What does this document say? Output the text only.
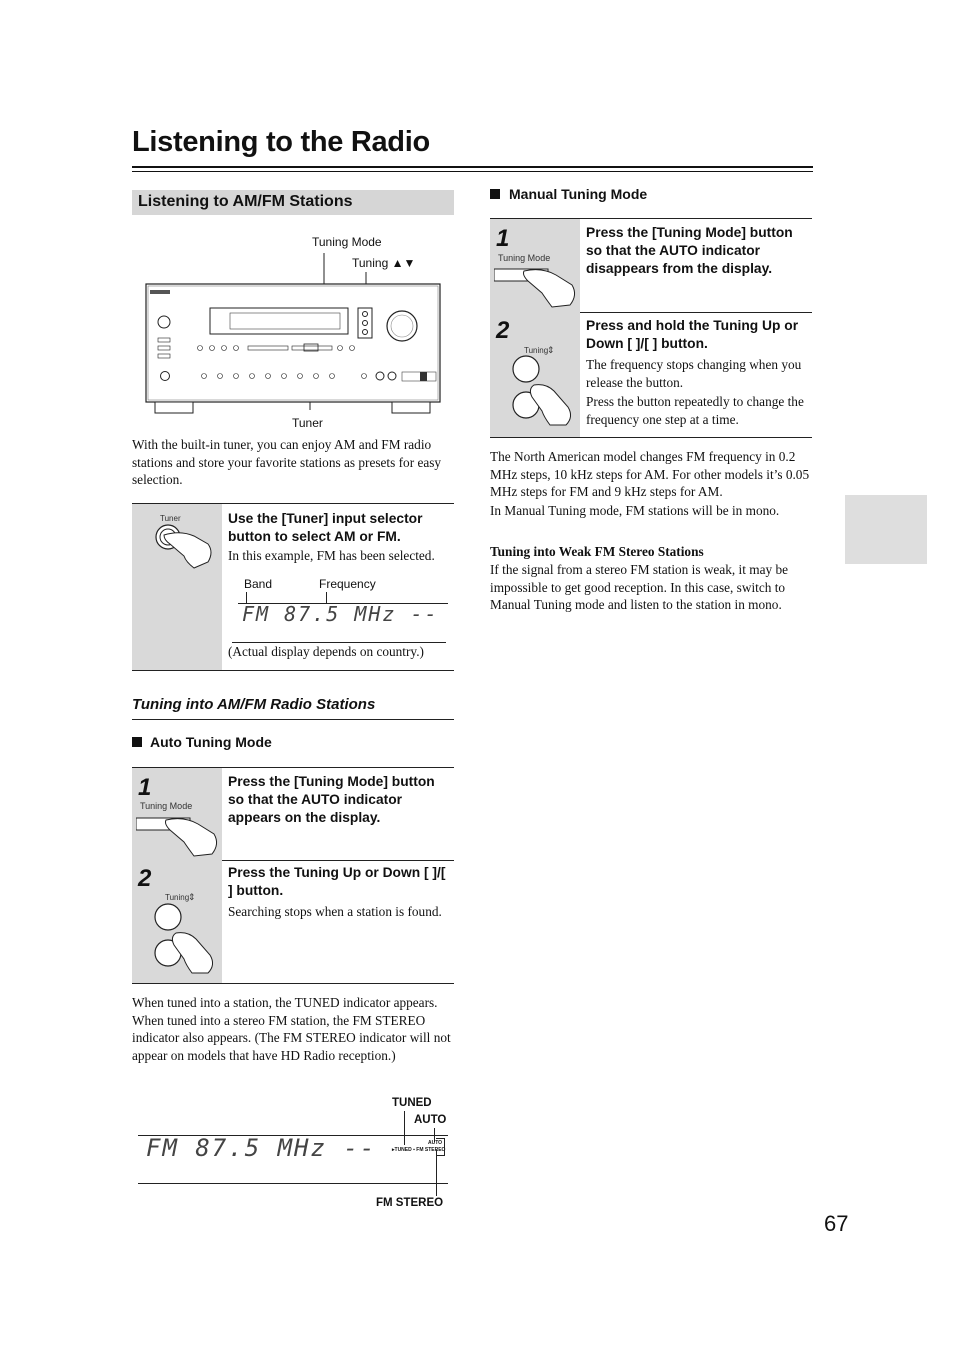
Listening to the Radio
Listening to AM/FM Stations
Tuning Mode
Tuning ▲▼
Tuner
With the built-in tuner, you can enjoy AM and FM radio stations and store your favorite stations as presets for easy selection.
Tuner	Use the [Tuner] input selector button to select AM or FM.
In this example, FM has been selected.
Band	Frequency
FM 87.5 MHz --
(Actual display depends on country.)
Tuning into AM/FM Radio Stations
Auto Tuning Mode
1
Tuning Mode
Press the [Tuning Mode] button so that the AUTO indicator appears on the display.
2
Tuning
⇕
Press the Tuning Up or Down [ ]/[ ] button.
Searching stops when a station is found.
When tuned into a station, the TUNED indicator appears. When tuned into a stereo FM station, the FM STEREO indicator also appears. (The FM STEREO indicator will not appear on models that have HD Radio reception.)
TUNED
AUTO
FM STEREO
FM 87.5 MHz --	AUTO
▸TUNED ▪ FM STEREO
Manual Tuning Mode
1
Tuning Mode
Press the [Tuning Mode] button so that the AUTO indicator disappears from the display.
2
Tuning
⇕
Press and hold the Tuning Up or Down [ ]/[ ] button.
The frequency stops changing when you release the button.
Press the button repeatedly to change the frequency one step at a time.
The North American model changes FM frequency in 0.2 MHz steps, 10 kHz steps for AM. For other models it’s 0.05 MHz steps for FM and 9 kHz steps for AM.
In Manual Tuning mode, FM stations will be in mono.
Tuning into Weak FM Stereo Stations
If the signal from a stereo FM station is weak, it may be impossible to get good reception. In this case, switch to Manual Tuning mode and listen to the station in mono.
67
